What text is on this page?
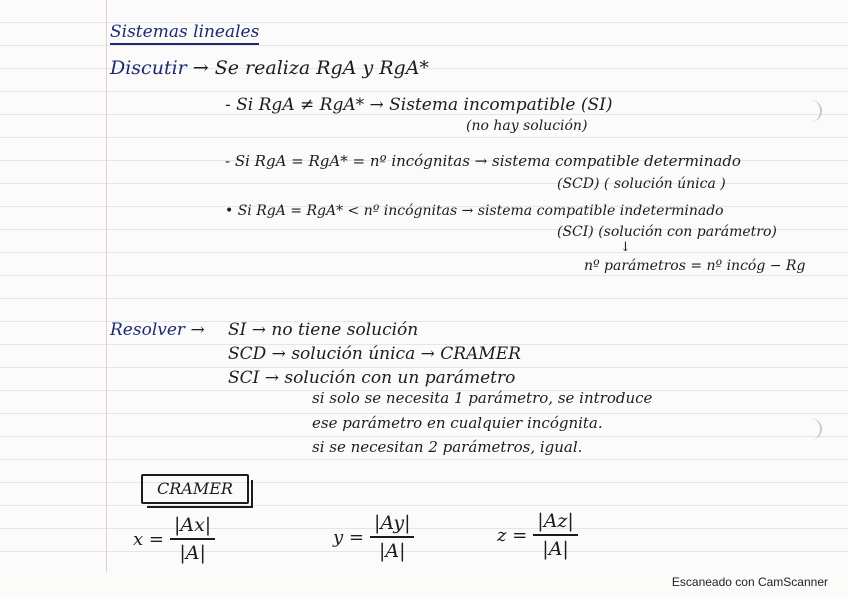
Sistemas lineales
Discutir → Se realiza RgA y RgA*
- Si RgA ≠ RgA* → Sistema incompatible (SI)
(no hay solución)
- Si RgA = RgA* = nº incógnitas → sistema compatible determinado
(SCD) ( solución única )
• Si RgA = RgA* < nº incógnitas → sistema compatible indeterminado
(SCI) (solución con parámetro)
↓
nº parámetros = nº incóg − Rg
Resolver → SI → no tiene solución
SCD → solución única → CRAMER
SCI → solución con un parámetro
si solo se necesita 1 parámetro, se introduce
ese parámetro en cualquier incógnita.
si se necesitan 2 parámetros, igual.
CRAMER
$x = \frac{|Ax|}{|A|}$	$y = \frac{|Ay|}{|A|}$	$z = \frac{|Az|}{|A|}$
Escaneado con CamScanner
